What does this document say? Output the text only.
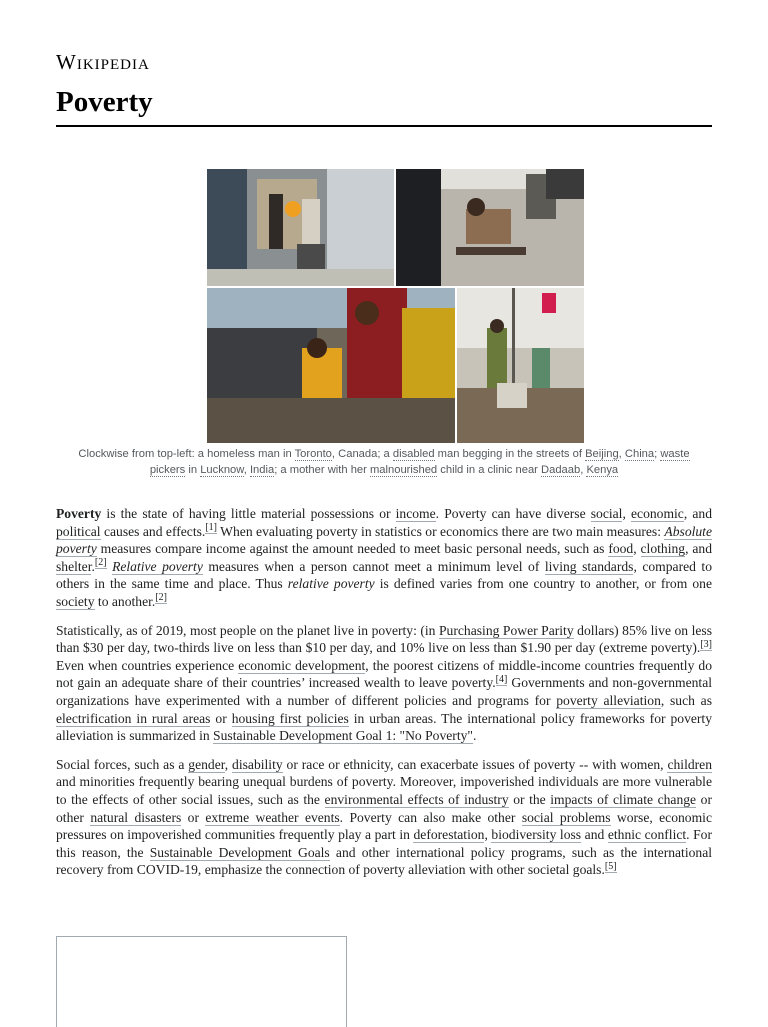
Wikipedia
Poverty
Clockwise from top-left: a homeless man in Toronto, Canada; a disabled man begging in the streets of Beijing, China; waste pickers in Lucknow, India; a mother with her malnourished child in a clinic near Dadaab, Kenya

Poverty is the state of having little material possessions or income. Poverty can have diverse social, economic, and political causes and effects.[1] When evaluating poverty in statistics or economics there are two main measures: Absolute poverty measures compare income against the amount needed to meet basic personal needs, such as food, clothing, and shelter.[2] Relative poverty measures when a person cannot meet a minimum level of living standards, compared to others in the same time and place. Thus relative poverty is defined varies from one country to another, or from one society to another.[2]

Statistically, as of 2019, most people on the planet live in poverty: (in Purchasing Power Parity dollars) 85% live on less than $30 per day, two-thirds live on less than $10 per day, and 10% live on less than $1.90 per day (extreme poverty).[3] Even when countries experience economic development, the poorest citizens of middle-income countries frequently do not gain an adequate share of their countries’ increased wealth to leave poverty.[4] Governments and non-governmental organizations have experimented with a number of different policies and programs for poverty alleviation, such as electrification in rural areas or housing first policies in urban areas. The international policy frameworks for poverty alleviation is summarized in Sustainable Development Goal 1: "No Poverty".

Social forces, such as a gender, disability or race or ethnicity, can exacerbate issues of poverty -- with women, children and minorities frequently bearing unequal burdens of poverty. Moreover, impoverished individuals are more vulnerable to the effects of other social issues, such as the environmental effects of industry or the impacts of climate change or other natural disasters or extreme weather events. Poverty can also make other social problems worse, economic pressures on impoverished communities frequently play a part in deforestation, biodiversity loss and ethnic conflict. For this reason, the Sustainable Development Goals and other international policy programs, such as the international recovery from COVID-19, emphasize the connection of poverty alleviation with other societal goals.[5]
